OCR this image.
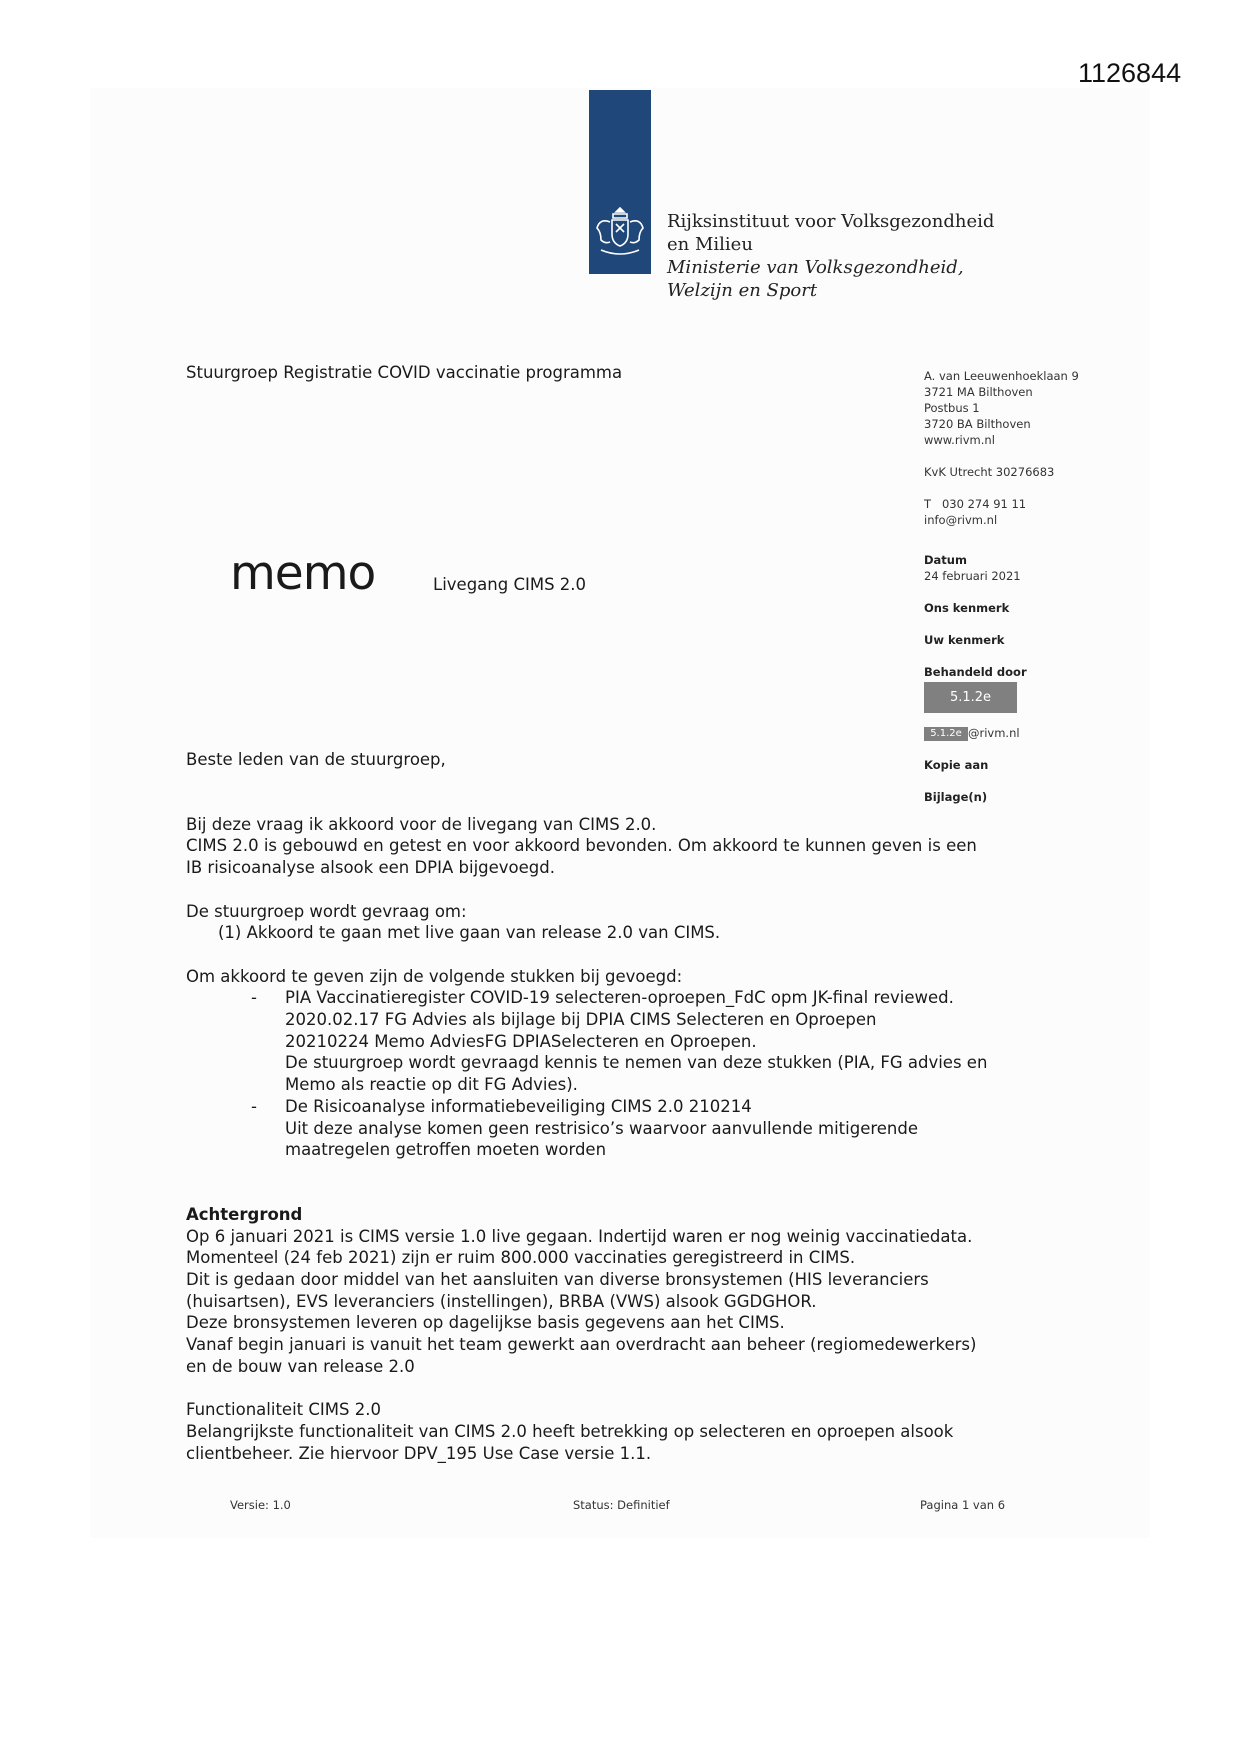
1126844
Rijksinstituut voor Volksgezondheid
en Milieu
Ministerie van Volksgezondheid,
Welzijn en Sport
Stuurgroep Registratie COVID vaccinatie programma
memo	Livegang CIMS 2.0
A. van Leeuwenhoeklaan 9
3721 MA Bilthoven
Postbus 1
3720 BA Bilthoven
www.rivm.nl
KvK Utrecht 30276683
T   030 274 91 11
info@rivm.nl
Datum
24 februari 2021
Ons kenmerk
Uw kenmerk
Behandeld door
5.1.2e
5.1.2e @rivm.nl
Kopie aan
Bijlage(n)

Beste leden van de stuurgroep,

Bij deze vraag ik akkoord voor de livegang van CIMS 2.0.

CIMS 2.0 is gebouwd en getest en voor akkoord bevonden. Om akkoord te kunnen geven is een

IB risicoanalyse alsook een DPIA bijgevoegd.

De stuurgroep wordt gevraag om:

(1) Akkoord te gaan met live gaan van release 2.0 van CIMS.

Om akkoord te geven zijn de volgende stukken bij gevoegd:

- PIA Vaccinatieregister COVID-19 selecteren-oproepen_FdC opm JK-final reviewed.
2020.02.17 FG Advies als bijlage bij DPIA CIMS Selecteren en Oproepen
20210224 Memo AdviesFG DPIASelecteren en Oproepen.
De stuurgroep wordt gevraagd kennis te nemen van deze stukken (PIA, FG advies en
Memo als reactie op dit FG Advies).
- De Risicoanalyse informatiebeveiliging CIMS 2.0 210214
Uit deze analyse komen geen restrisico’s waarvoor aanvullende mitigerende
maatregelen getroffen moeten worden

Achtergrond

Op 6 januari 2021 is CIMS versie 1.0 live gegaan. Indertijd waren er nog weinig vaccinatiedata.

Momenteel (24 feb 2021) zijn er ruim 800.000 vaccinaties geregistreerd in CIMS.

Dit is gedaan door middel van het aansluiten van diverse bronsystemen (HIS leveranciers

(huisartsen), EVS leveranciers (instellingen), BRBA (VWS) alsook GGDGHOR.

Deze bronsystemen leveren op dagelijkse basis gegevens aan het CIMS.

Vanaf begin januari is vanuit het team gewerkt aan overdracht aan beheer (regiomedewerkers)

en de bouw van release 2.0

Functionaliteit CIMS 2.0

Belangrijkste functionaliteit van CIMS 2.0 heeft betrekking op selecteren en oproepen alsook

clientbeheer. Zie hiervoor DPV_195 Use Case versie 1.1.

Versie: 1.0	Status: Definitief	Pagina 1 van 6
